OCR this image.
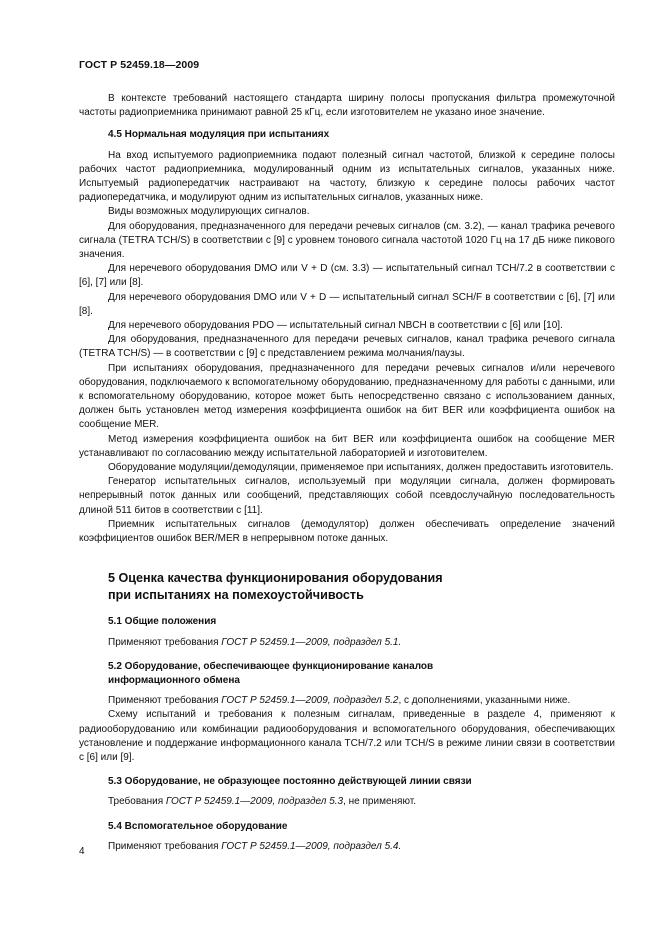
ГОСТ Р 52459.18—2009

В контексте требований настоящего стандарта ширину полосы пропускания фильтра промежуточной частоты радиоприемника принимают равной 25 кГц, если изготовителем не указано иное значение.

4.5 Нормальная модуляция при испытаниях

На вход испытуемого радиоприемника подают полезный сигнал частотой, близкой к середине полосы рабочих частот радиоприемника, модулированный одним из испытательных сигналов, указанных ниже. Испытуемый радиопередатчик настраивают на частоту, близкую к середине полосы рабочих частот радиопередатчика, и модулируют одним из испытательных сигналов, указанных ниже.

Виды возможных модулирующих сигналов.

Для оборудования, предназначенного для передачи речевых сигналов (см. 3.2), — канал трафика речевого сигнала (TETRA TCH/S) в соответствии с [9] с уровнем тонового сигнала частотой 1020 Гц на 17 дБ ниже пикового значения.

Для неречевого оборудования DMO или V + D (см. 3.3) — испытательный сигнал TCH/7.2 в соответствии с [6], [7] или [8].

Для неречевого оборудования DMO или V + D — испытательный сигнал SCH/F в соответствии с [6], [7] или [8].

Для неречевого оборудования PDO — испытательный сигнал NBCH в соответствии с [6] или [10].

Для оборудования, предназначенного для передачи речевых сигналов, канал трафика речевого сигнала (TETRA TCH/S) — в соответствии с [9] с представлением режима молчания/паузы.

При испытаниях оборудования, предназначенного для передачи речевых сигналов и/или неречевого оборудования, подключаемого к вспомогательному оборудованию, предназначенному для работы с данными, или к вспомогательному оборудованию, которое может быть непосредственно связано с использованием данных, должен быть установлен метод измерения коэффициента ошибок на бит BER или коэффициента ошибок на сообщение MER.

Метод измерения коэффициента ошибок на бит BER или коэффициента ошибок на сообщение MER устанавливают по согласованию между испытательной лабораторией и изготовителем.

Оборудование модуляции/демодуляции, применяемое при испытаниях, должен предоставить изготовитель.

Генератор испытательных сигналов, используемый при модуляции сигнала, должен формировать непрерывный поток данных или сообщений, представляющих собой псевдослучайную последовательность длиной 511 битов в соответствии с [11].

Приемник испытательных сигналов (демодулятор) должен обеспечивать определение значений коэффициентов ошибок BER/MER в непрерывном потоке данных.

5 Оценка качества функционирования оборудования
при испытаниях на помехоустойчивость
5.1 Общие положения

Применяют требования ГОСТ Р 52459.1—2009, подраздел 5.1.

5.2 Оборудование, обеспечивающее функционирование каналов
информационного обмена

Применяют требования ГОСТ Р 52459.1—2009, подраздел 5.2, с дополнениями, указанными ниже.

Схему испытаний и требования к полезным сигналам, приведенные в разделе 4, применяют к радиооборудованию или комбинации радиооборудования и вспомогательного оборудования, обеспечивающих установление и поддержание информационного канала TCH/7.2 или TCH/S в режиме линии связи в соответствии с [6] или [9].

5.3 Оборудование, не образующее постоянно действующей линии связи

Требования ГОСТ Р 52459.1—2009, подраздел 5.3, не применяют.

5.4 Вспомогательное оборудование

Применяют требования ГОСТ Р 52459.1—2009, подраздел 5.4.

4
